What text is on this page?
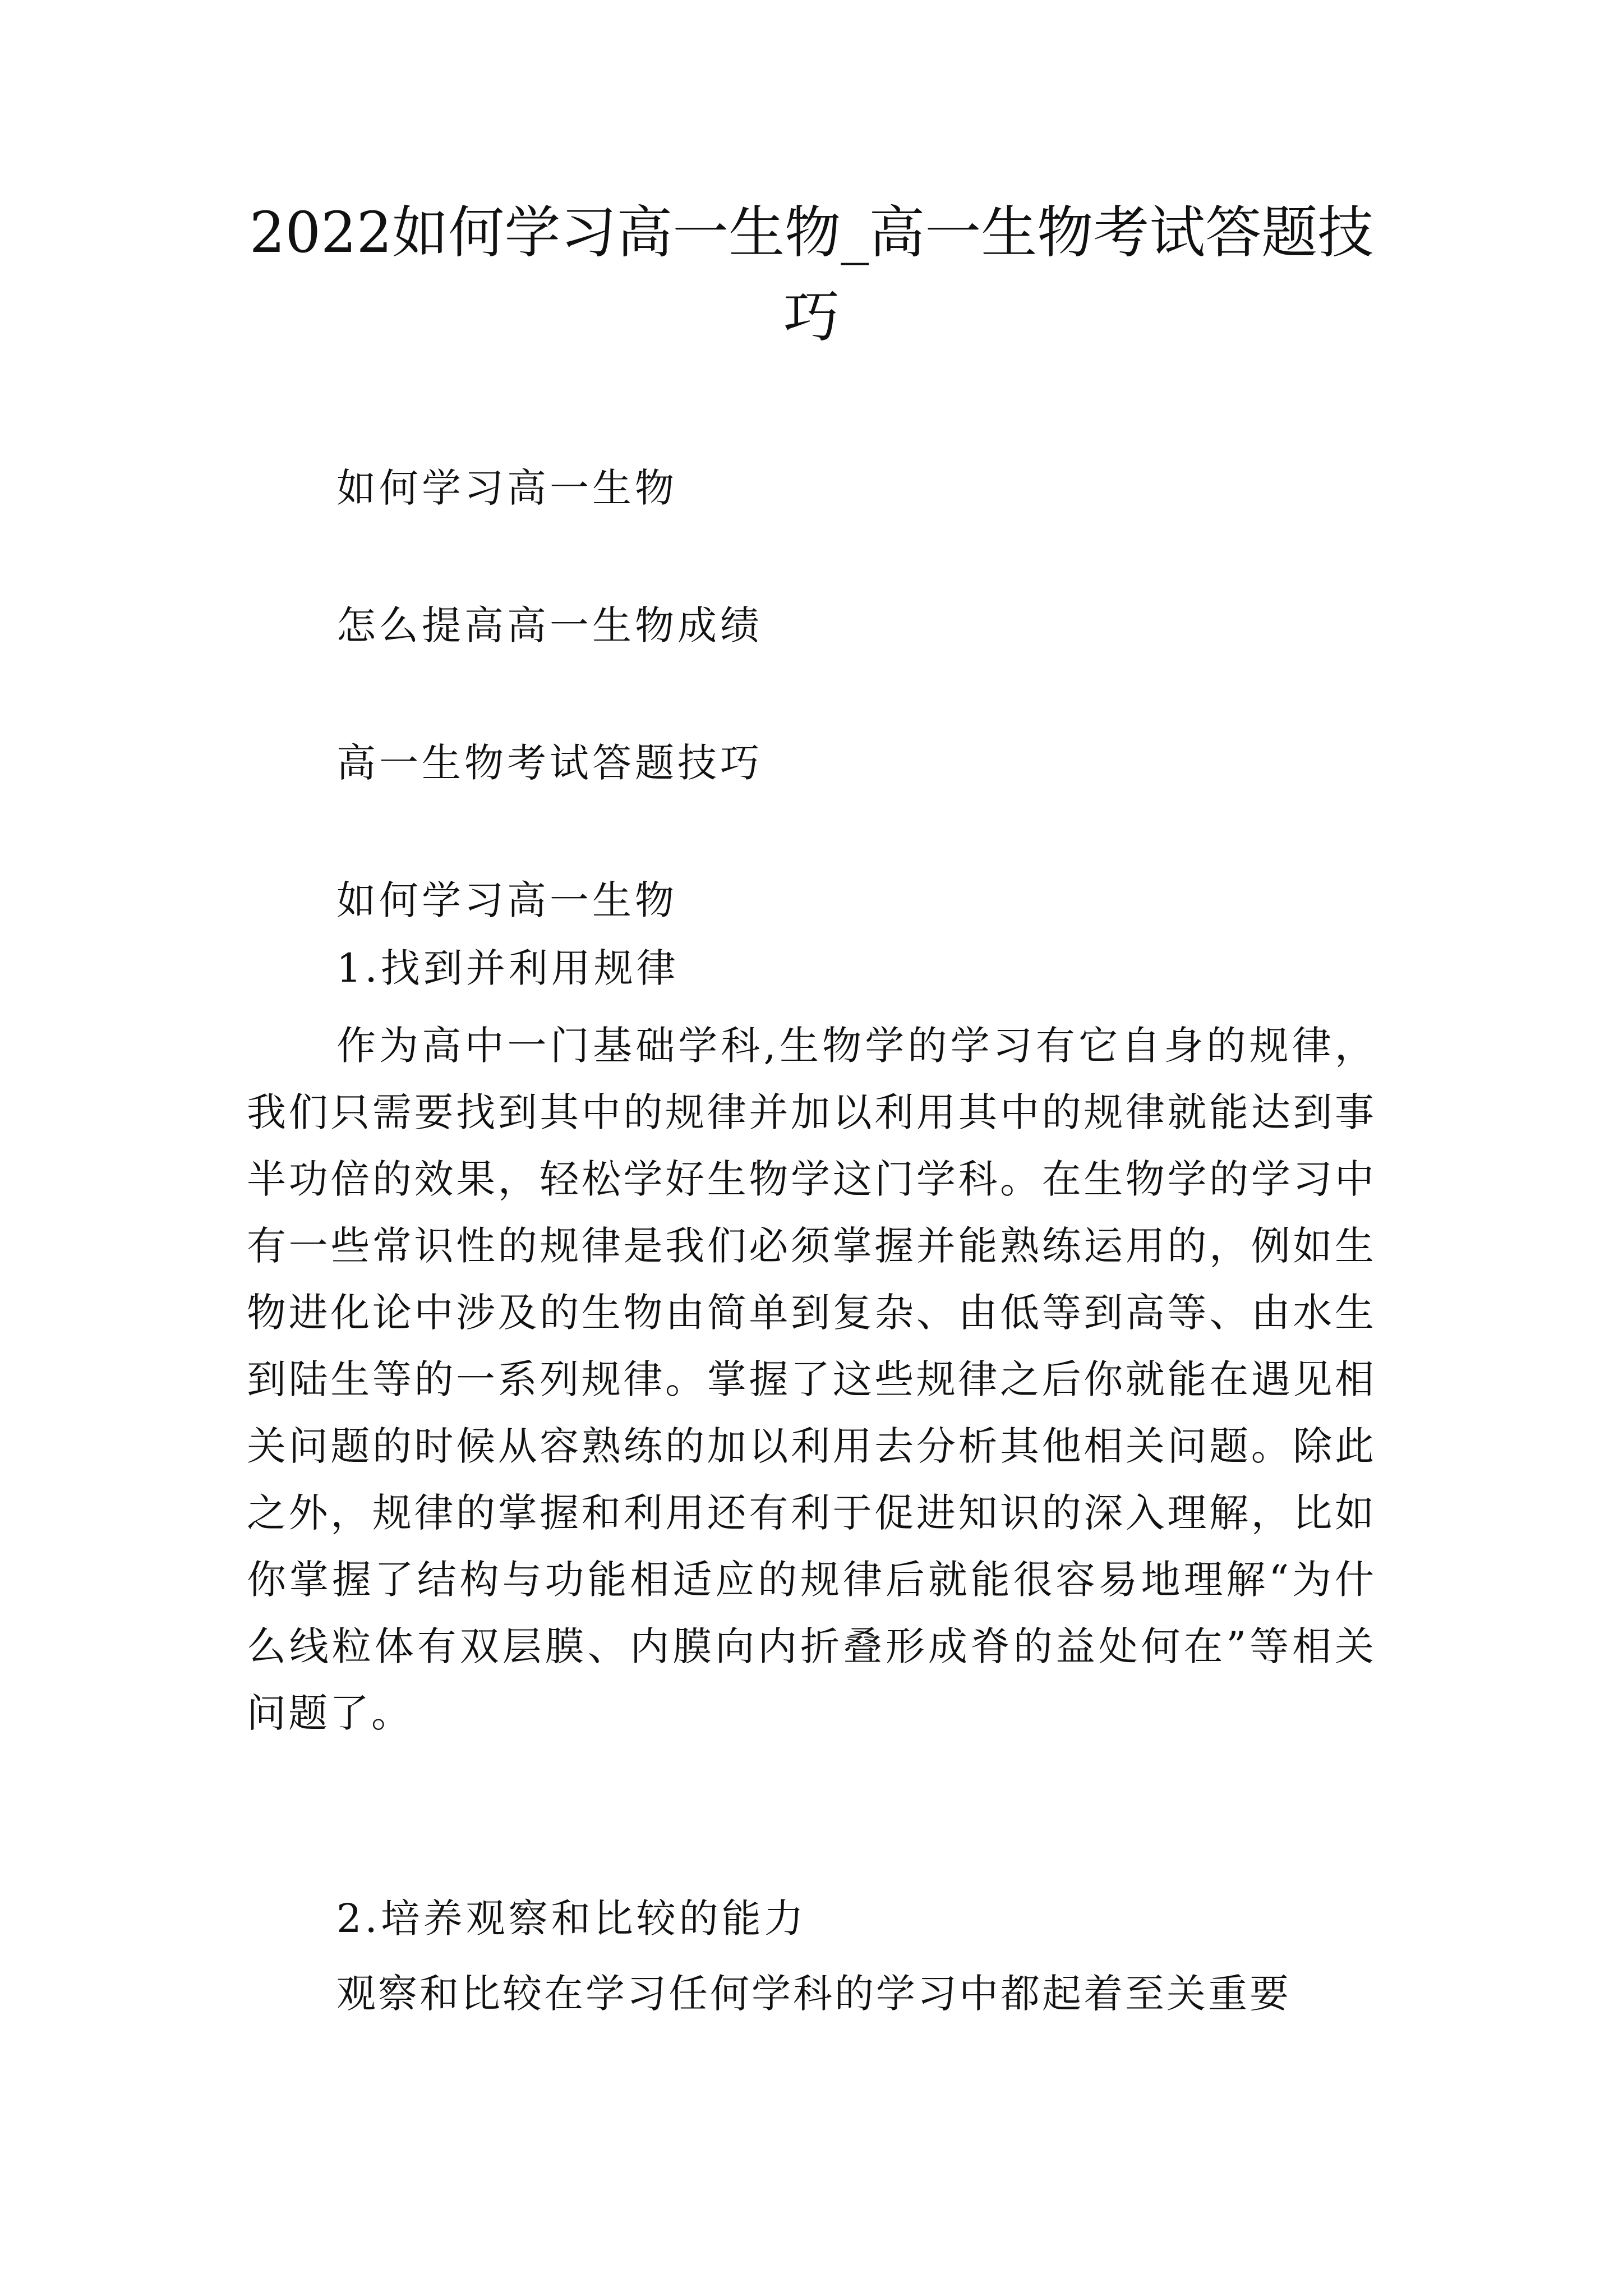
2022如何学习高一生物_高一生物考试答题技巧
如何学习高一生物
怎么提高高一生物成绩
高一生物考试答题技巧
如何学习高一生物
1.找到并利用规律

作为高中一门基础学科,生物学的学习有它自身的规律，我们只需要找到其中的规律并加以利用其中的规律就能达到事半功倍的效果，轻松学好生物学这门学科。在生物学的学习中有一些常识性的规律是我们必须掌握并能熟练运用的，例如生物进化论中涉及的生物由简单到复杂、由低等到高等、由水生到陆生等的一系列规律。掌握了这些规律之后你就能在遇见相关问题的时候从容熟练的加以利用去分析其他相关问题。除此之外，规律的掌握和利用还有利于促进知识的深入理解，比如你掌握了结构与功能相适应的规律后就能很容易地理解“为什么线粒体有双层膜、内膜向内折叠形成脊的益处何在”等相关问题了。

2.培养观察和比较的能力

观察和比较在学习任何学科的学习中都起着至关重要
